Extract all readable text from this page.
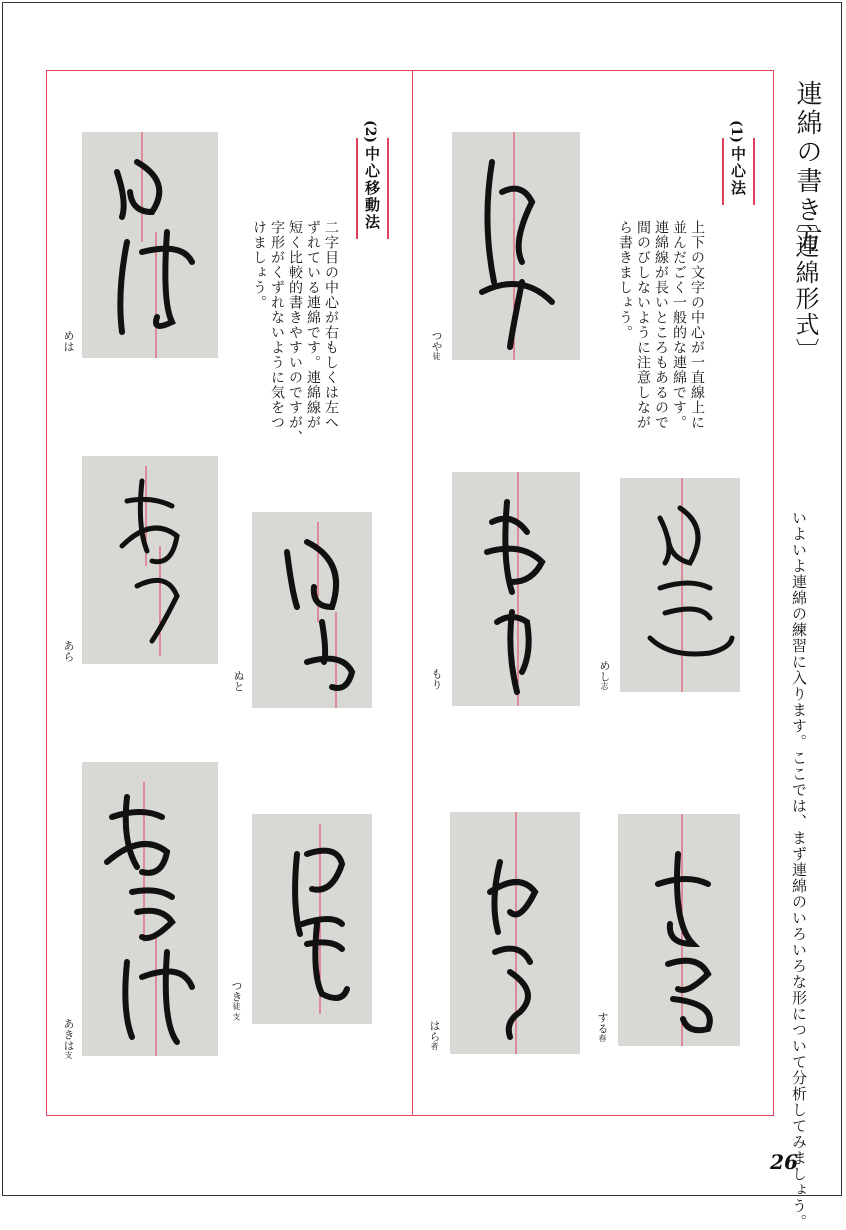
連綿の書き方
〔連綿形式〕
いよいよ連綿の練習に入ります。ここでは、まず連綿のいろいろな形について分析してみましょう。
(1)
中心法
上下の文字の中心が一直線上に
並んだごく一般的な連綿です。
連綿線が長いところもあるので
間のびしないように注意しなが
ら書きましょう。
(2)
中心移動法
二字目の中心が右もしくは左へ
ずれている連綿です。連綿線が
短く比較的書きやすいのですが、
字形がくずれないように気をつ
けましょう。
つや徒
めし志
もり
する春
はら者
めは
あら
ぬと
あきは支
つき徒 支
26
